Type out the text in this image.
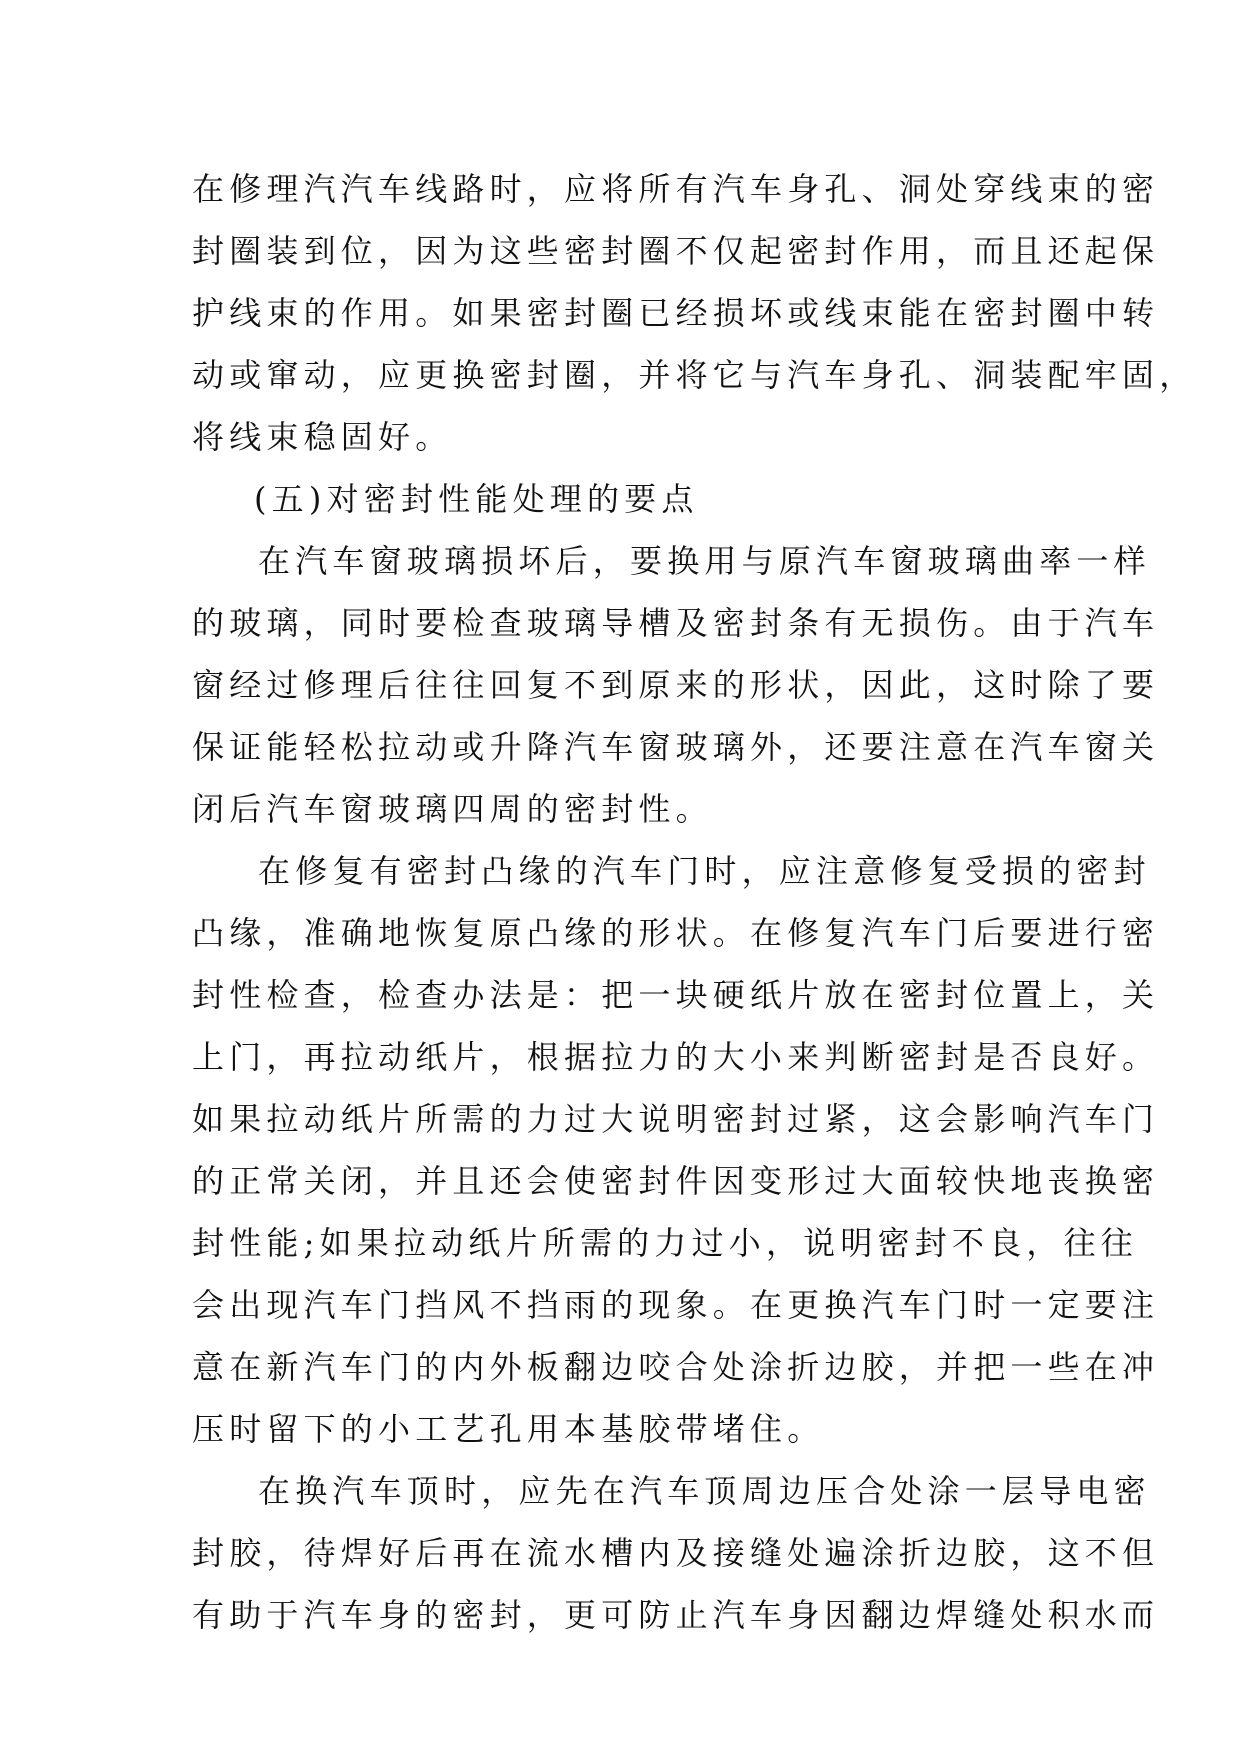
在修理汽汽车线路时，应将所有汽车身孔、洞处穿线束的密
封圈装到位，因为这些密封圈不仅起密封作用，而且还起保
护线束的作用。如果密封圈已经损坏或线束能在密封圈中转
动或窜动，应更换密封圈，并将它与汽车身孔、洞装配牢固，
将线束稳固好。
(五)对密封性能处理的要点
在汽车窗玻璃损坏后，要换用与原汽车窗玻璃曲率一样
的玻璃，同时要检查玻璃导槽及密封条有无损伤。由于汽车
窗经过修理后往往回复不到原来的形状，因此，这时除了要
保证能轻松拉动或升降汽车窗玻璃外，还要注意在汽车窗关
闭后汽车窗玻璃四周的密封性。
在修复有密封凸缘的汽车门时，应注意修复受损的密封
凸缘，准确地恢复原凸缘的形状。在修复汽车门后要进行密
封性检查，检查办法是：把一块硬纸片放在密封位置上，关
上门，再拉动纸片，根据拉力的大小来判断密封是否良好。
如果拉动纸片所需的力过大说明密封过紧，这会影响汽车门
的正常关闭，并且还会使密封件因变形过大面较快地丧换密
封性能;如果拉动纸片所需的力过小，说明密封不良，往往
会出现汽车门挡风不挡雨的现象。在更换汽车门时一定要注
意在新汽车门的内外板翻边咬合处涂折边胶，并把一些在冲
压时留下的小工艺孔用本基胶带堵住。
在换汽车顶时，应先在汽车顶周边压合处涂一层导电密
封胶，待焊好后再在流水槽内及接缝处遍涂折边胶，这不但
有助于汽车身的密封，更可防止汽车身因翻边焊缝处积水而
